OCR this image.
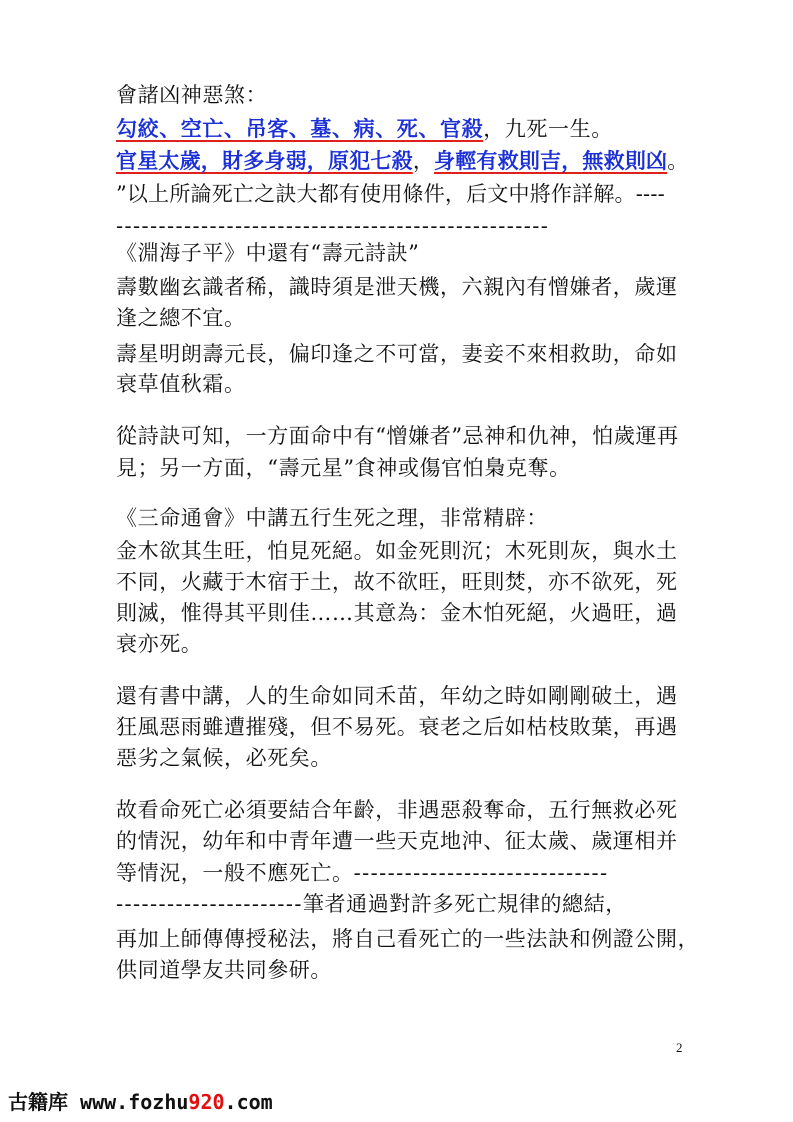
會諸凶神惡煞：
勾絞、空亡、吊客、墓、病、死、官殺，九死一生。
官星太歲，財多身弱，原犯七殺，身輕有救則吉，無救則凶。
”以上所論死亡之訣大都有使用條件，后文中將作詳解。----
---------------------------------------------------
《淵海子平》中還有“壽元詩訣”
壽數幽玄識者稀，識時須是泄天機，六親內有憎嫌者，歲運
逢之總不宜。
壽星明朗壽元長，偏印逢之不可當，妻妾不來相救助，命如
衰草值秋霜。
從詩訣可知，一方面命中有“憎嫌者”忌神和仇神，怕歲運再
見；另一方面，“壽元星”食神或傷官怕梟克奪。
《三命通會》中講五行生死之理，非常精辟：
金木欲其生旺，怕見死絕。如金死則沉；木死則灰，與水土
不同，火藏于木宿于土，故不欲旺，旺則焚，亦不欲死，死
則滅，惟得其平則佳……其意為：金木怕死絕，火過旺，過
衰亦死。
還有書中講，人的生命如同禾苗，年幼之時如剛剛破土，遇
狂風惡雨雖遭摧殘，但不易死。衰老之后如枯枝敗葉，再遇
惡劣之氣候，必死矣。
故看命死亡必須要結合年齡，非遇惡殺奪命，五行無救必死
的情況，幼年和中青年遭一些天克地沖、征太歲、歲運相并
等情況，一般不應死亡。------------------------------
----------------------筆者通過對許多死亡規律的總結，
再加上師傳傳授秘法，將自己看死亡的一些法訣和例證公開，
供同道學友共同參研。
2
古籍库 www.fozhu920.com
